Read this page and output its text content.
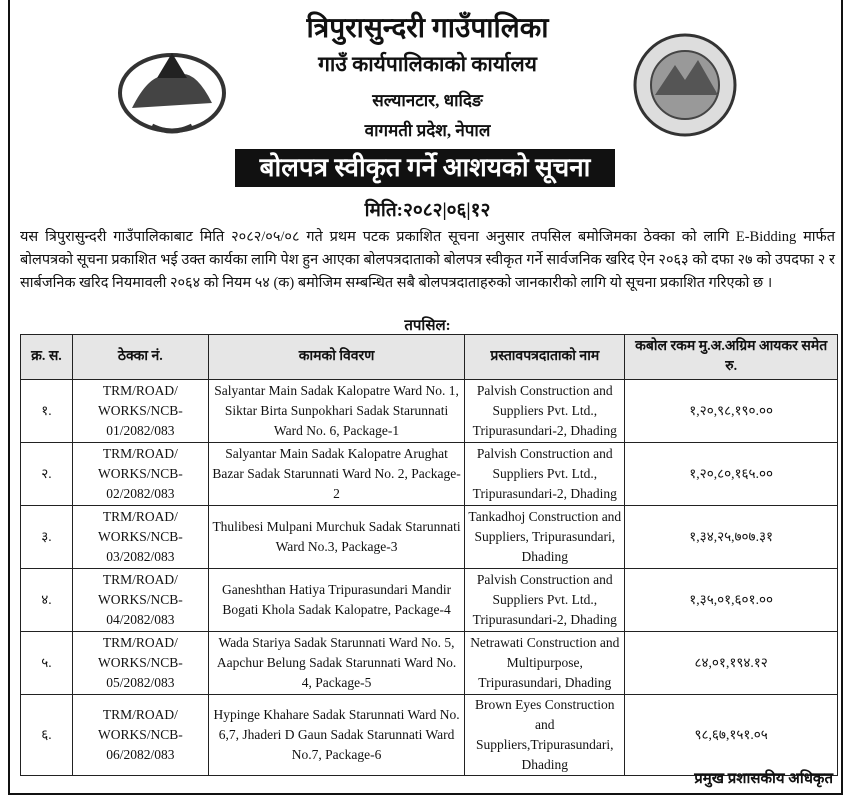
त्रिपुरासुन्दरी गाउँपालिका
गाउँ कार्यपालिकाको कार्यालय
सल्यानटार, धादिङ
वागमती प्रदेश, नेपाल
बोलपत्र स्वीकृत गर्ने आशयको सूचना
मिति:२०८२|०६|१२
यस त्रिपुरासुन्दरी गाउँपालिकाबाट मिति २०८२/०५/०८ गते प्रथम पटक प्रकाशित सूचना अनुसार तपसिल बमोजिमका ठेक्का को लागि E-Bidding मार्फत बोलपत्रको सूचना प्रकाशित भई उक्त कार्यका लागि पेश हुन आएका बोलपत्रदाताको बोलपत्र स्वीकृत गर्ने सार्वजनिक खरिद ऐन २०६३ को दफा २७ को उपदफा २ र सार्बजनिक खरिद नियमावली २०६४ को नियम ५४ (क) बमोजिम सम्बन्धित सबै बोलपत्रदाताहरुको जानकारीको लागि यो सूचना प्रकाशित गरिएको छ ।
तपसिल:
क्र. स.	ठेक्का नं.	कामको विवरण	प्रस्तावपत्रदाताको नाम	कबोल रकम मु.अ.अग्रिम आयकर समेत रु.
१.	TRM/ROAD/ WORKS/NCB- 01/2082/083	Salyantar Main Sadak Kalopatre Ward No. 1, Siktar Birta Sunpokhari Sadak Starunnati Ward No. 6, Package-1	Palvish Construction and Suppliers Pvt. Ltd., Tripurasundari-2, Dhading	१,२०,९८,१९०.००
२.	TRM/ROAD/ WORKS/NCB- 02/2082/083	Salyantar Main Sadak Kalopatre Arughat Bazar Sadak Starunnati Ward No. 2, Package-2	Palvish Construction and Suppliers Pvt. Ltd., Tripurasundari-2, Dhading	१,२०,८०,१६५.००
३.	TRM/ROAD/ WORKS/NCB- 03/2082/083	Thulibesi Mulpani Murchuk Sadak Starunnati Ward No.3, Package-3	Tankadhoj Construction and Suppliers, Tripurasundari, Dhading	१,३४,२५,७०७.३१
४.	TRM/ROAD/ WORKS/NCB- 04/2082/083	Ganeshthan Hatiya Tripurasundari Mandir Bogati Khola Sadak Kalopatre, Package-4	Palvish Construction and Suppliers Pvt. Ltd., Tripurasundari-2, Dhading	१,३५,०१,६०१.००
५.	TRM/ROAD/ WORKS/NCB- 05/2082/083	Wada Stariya Sadak Starunnati Ward No. 5, Aapchur Belung Sadak Starunnati Ward No. 4, Package-5	Netrawati Construction and Multipurpose, Tripurasundari, Dhading	८४,०१,१९४.१२
६.	TRM/ROAD/ WORKS/NCB- 06/2082/083	Hypinge Khahare Sadak Starunnati Ward No. 6,7, Jhaderi D Gaun Sadak Starunnati Ward No.7, Package-6	Brown Eyes Construction and Suppliers,Tripurasundari, Dhading	९८,६७,१५१.०५
प्रमुख प्रशासकीय अधिकृत
